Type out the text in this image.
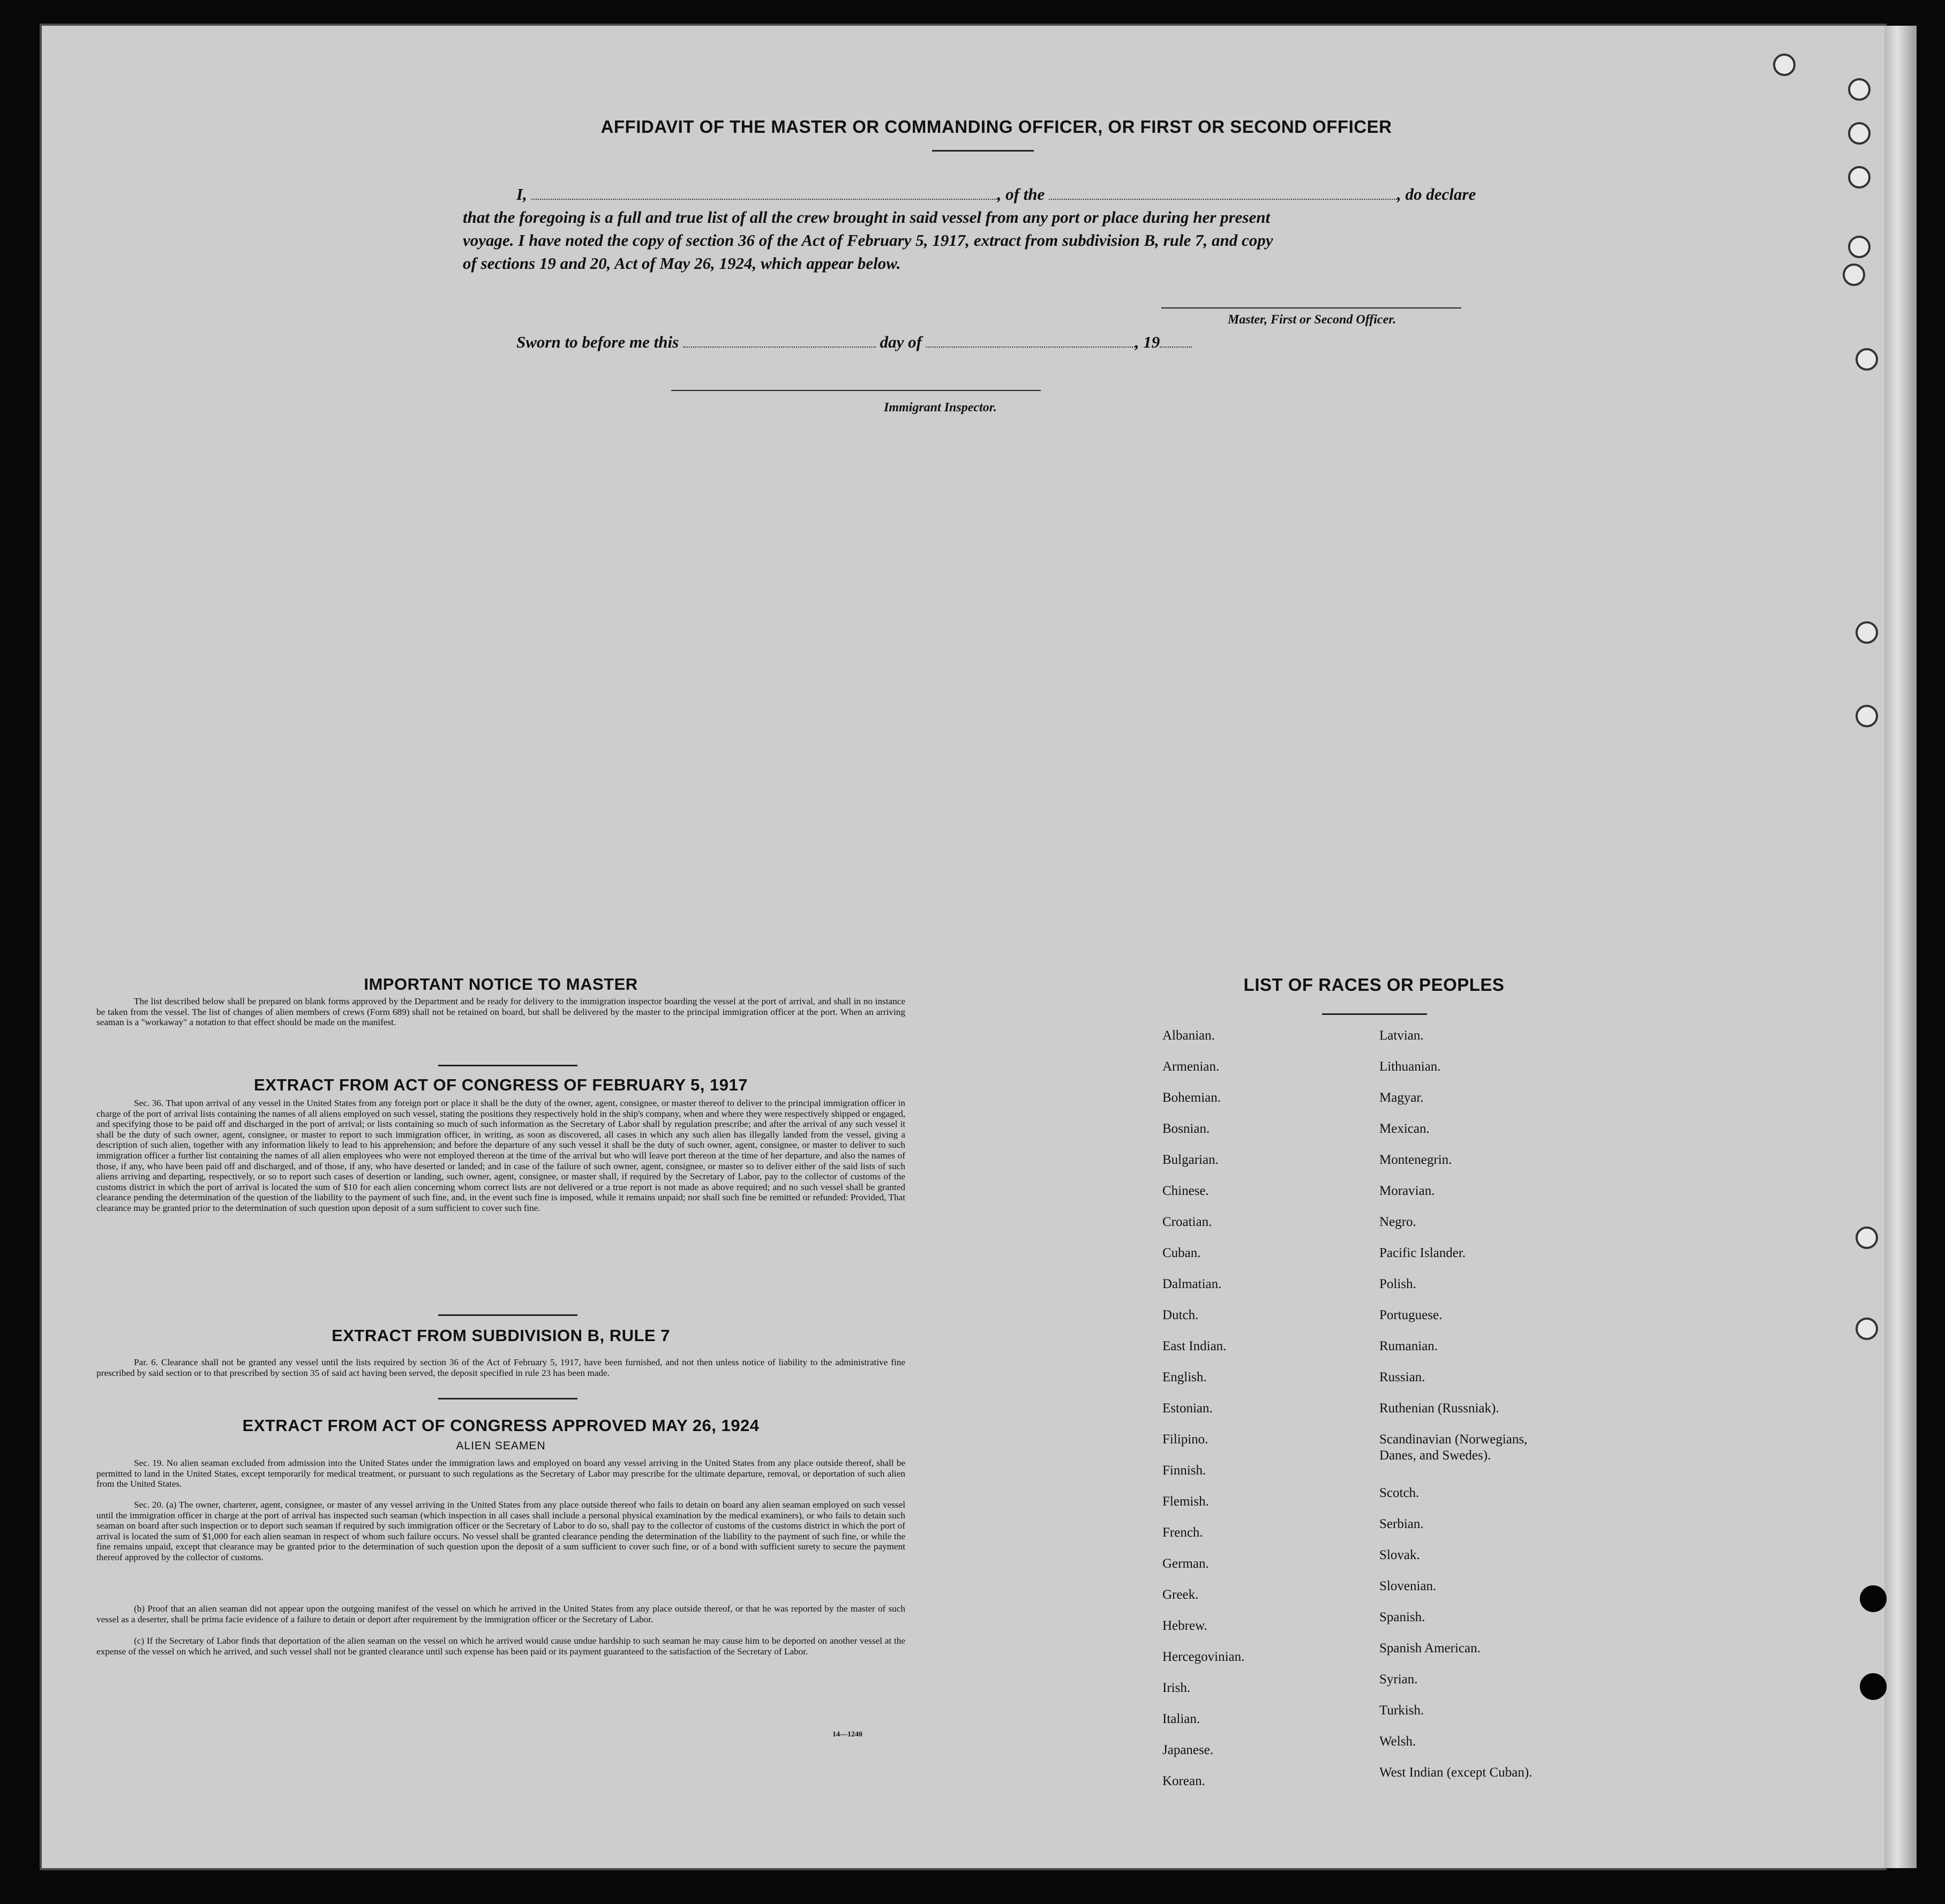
AFFIDAVIT OF THE MASTER OR COMMANDING OFFICER, OR FIRST OR SECOND OFFICER
I,	, of the	, do declare
that the foregoing is a full and true list of all the crew brought in said vessel from any port or place during her present
voyage. I have noted the copy of section 36 of the Act of February 5, 1917, extract from subdivision B, rule 7, and copy
of sections 19 and 20, Act of May 26, 1924, which appear below.
Master, First or Second Officer.
Sworn to before me this	day of	, 19
Immigrant Inspector.
IMPORTANT NOTICE TO MASTER
The list described below shall be prepared on blank forms approved by the Department and be ready for delivery to the immigration inspector boarding the vessel at the port of arrival, and shall in no instance be taken from the vessel. The list of changes of alien members of crews (Form 689) shall not be retained on board, but shall be delivered by the master to the principal immigration officer at the port. When an arriving seaman is a "workaway" a notation to that effect should be made on the manifest.
EXTRACT FROM ACT OF CONGRESS OF FEBRUARY 5, 1917
Sec. 36. That upon arrival of any vessel in the United States from any foreign port or place it shall be the duty of the owner, agent, consignee, or master thereof to deliver to the principal immigration officer in charge of the port of arrival lists containing the names of all aliens employed on such vessel, stating the positions they respectively hold in the ship's company, when and where they were respectively shipped or engaged, and specifying those to be paid off and discharged in the port of arrival; or lists containing so much of such information as the Secretary of Labor shall by regulation prescribe; and after the arrival of any such vessel it shall be the duty of such owner, agent, consignee, or master to report to such immigration officer, in writing, as soon as discovered, all cases in which any such alien has illegally landed from the vessel, giving a description of such alien, together with any information likely to lead to his apprehension; and before the departure of any such vessel it shall be the duty of such owner, agent, consignee, or master to deliver to such immigration officer a further list containing the names of all alien employees who were not employed thereon at the time of the arrival but who will leave port thereon at the time of her departure, and also the names of those, if any, who have been paid off and discharged, and of those, if any, who have deserted or landed; and in case of the failure of such owner, agent, consignee, or master so to deliver either of the said lists of such aliens arriving and departing, respectively, or so to report such cases of desertion or landing, such owner, agent, consignee, or master shall, if required by the Secretary of Labor, pay to the collector of customs of the customs district in which the port of arrival is located the sum of $10 for each alien concerning whom correct lists are not delivered or a true report is not made as above required; and no such vessel shall be granted clearance pending the determination of the question of the liability to the payment of such fine, and, in the event such fine is imposed, while it remains unpaid; nor shall such fine be remitted or refunded: Provided, That clearance may be granted prior to the determination of such question upon deposit of a sum sufficient to cover such fine.
EXTRACT FROM SUBDIVISION B, RULE 7
Par. 6. Clearance shall not be granted any vessel until the lists required by section 36 of the Act of February 5, 1917, have been furnished, and not then unless notice of liability to the administrative fine prescribed by said section or to that prescribed by section 35 of said act having been served, the deposit specified in rule 23 has been made.
EXTRACT FROM ACT OF CONGRESS APPROVED MAY 26, 1924
ALIEN SEAMEN
Sec. 19. No alien seaman excluded from admission into the United States under the immigration laws and employed on board any vessel arriving in the United States from any place outside thereof, shall be permitted to land in the United States, except temporarily for medical treatment, or pursuant to such regulations as the Secretary of Labor may prescribe for the ultimate departure, removal, or deportation of such alien from the United States.
Sec. 20. (a) The owner, charterer, agent, consignee, or master of any vessel arriving in the United States from any place outside thereof who fails to detain on board any alien seaman employed on such vessel until the immigration officer in charge at the port of arrival has inspected such seaman (which inspection in all cases shall include a personal physical examination by the medical examiners), or who fails to detain such seaman on board after such inspection or to deport such seaman if required by such immigration officer or the Secretary of Labor to do so, shall pay to the collector of customs of the customs district in which the port of arrival is located the sum of $1,000 for each alien seaman in respect of whom such failure occurs. No vessel shall be granted clearance pending the determination of the liability to the payment of such fine, or while the fine remains unpaid, except that clearance may be granted prior to the determination of such question upon the deposit of a sum sufficient to cover such fine, or of a bond with sufficient surety to secure the payment thereof approved by the collector of customs.
(b) Proof that an alien seaman did not appear upon the outgoing manifest of the vessel on which he arrived in the United States from any place outside thereof, or that he was reported by the master of such vessel as a deserter, shall be prima facie evidence of a failure to detain or deport after requirement by the immigration officer or the Secretary of Labor.
(c) If the Secretary of Labor finds that deportation of the alien seaman on the vessel on which he arrived would cause undue hardship to such seaman he may cause him to be deported on another vessel at the expense of the vessel on which he arrived, and such vessel shall not be granted clearance until such expense has been paid or its payment guaranteed to the satisfaction of the Secretary of Labor.
14—1240
LIST OF RACES OR PEOPLES
Albanian.
Armenian.
Bohemian.
Bosnian.
Bulgarian.
Chinese.
Croatian.
Cuban.
Dalmatian.
Dutch.
East Indian.
English.
Estonian.
Filipino.
Finnish.
Flemish.
French.
German.
Greek.
Hebrew.
Hercegovinian.
Irish.
Italian.
Japanese.
Korean.
Latvian.
Lithuanian.
Magyar.
Mexican.
Montenegrin.
Moravian.
Negro.
Pacific Islander.
Polish.
Portuguese.
Rumanian.
Russian.
Ruthenian (Russniak).
Scandinavian (Norwegians, Danes, and Swedes).
Scotch.
Serbian.
Slovak.
Slovenian.
Spanish.
Spanish American.
Syrian.
Turkish.
Welsh.
West Indian (except Cuban).
